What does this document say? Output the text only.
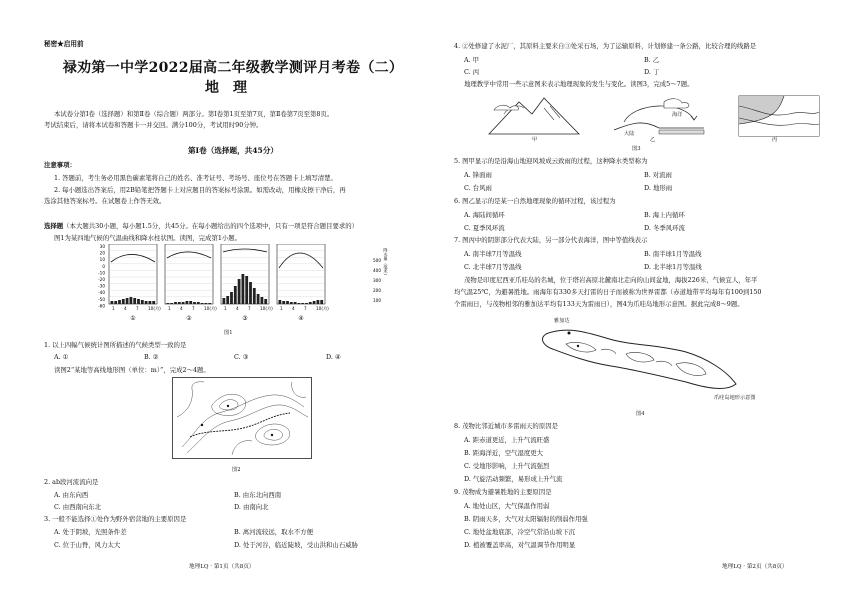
秘密★启用前
禄劝第一中学2022届高二年级教学测评月考卷（二）
地理
本试卷分第Ⅰ卷（选择题）和第Ⅱ卷（综合题）两部分。第Ⅰ卷第1页至第7页，第Ⅱ卷第7页至第8页。
考试结束后，请将本试卷和答题卡一并交回。满分100分，考试用时90分钟。
第Ⅰ卷（选择题，共45分）
注意事项：
1. 答题前，考生务必用黑色碳素笔将自己的姓名、准考证号、考场号、座位号在答题卡上填写清楚。
2. 每小题选出答案后，用2B铅笔把答题卡上对应题目的答案标号涂黑。如需改动，用橡皮擦干净后，再
选涂其他答案标号。在试题卷上作答无效。
选择题（本大题共30小题，每小题1.5分，共45分。在每小题给出的四个选项中，只有一项是符合题目要求的）
图1为某四地气候的气温曲线和降水柱状图。读图，完成第1小题。
30
20
10
0
-10
-20
-30
-40
-50
-60
500
400
300
200
100
降水量（毫米）
1 4 7 10(月)
①
1 4 7 10(月)
②
1 4 7 10(月)
③
1 4 7 10(月)
④
图1
1. 以上四幅气候统计图所描述的气候类型一致的是
A. ①	B. ②	C. ③	D. ④
读图2“某地等高线地形图（单位：m）”，完成2～4题。
图2
2. ab段河流流向是
A. 由东向西	B. 由东北向西南
C. 由西南向东北	D. 由南向北
3. 一般不能选择①处作为野外宿营地的主要原因是
A. 处于阴坡，光照条件差	B. 离河流较远，取水不方便
C. 位于山脊，风力太大	D. 处于河谷，临近陡坡，受山洪和山石威胁
地理LQ · 第1页（共8页）
4. ②处修建了水泥厂，其原料主要来自③处采石场，为了运输原料，计划修建一条公路，比较合理的线路是
A. 甲	B. 乙
C. 丙	D. 丁
地理教学中常用一些示意图来表示地理现象的发生与变化。读图3，完成5～7题。
甲
大陆
海洋
乙	丙
图3
5. 图甲显示的是沿海山地迎风坡成云致雨的过程，这种降水类型称为
A. 锋面雨	B. 对流雨
C. 台风雨	D. 地形雨
6. 图乙显示的是某一自然地理现象的循环过程，该过程为
A. 海陆间循环	B. 海上内循环
C. 夏季风环流	D. 冬季风环流
7. 图丙中的阴影部分代表大陆，另一部分代表海洋，图中等值线表示
A. 南半球7月等温线	B. 南半球1月等温线
C. 北半球7月等温线	D. 北半球1月等温线
茂物是印度尼西亚爪哇岛的名城，位于塔岩高原北麓南北走向的山间盆地，海拔226米，气候宜人，年平
均气温25℃，为避暑胜地。雨海年有330多天打雷的日子而被称为世界雷都（赤道地带平均每年有100到150
个雷雨日，与茂物相邻的雅加达平均有133天为雷雨日），图4为爪哇岛地形示意图。据此完成8～9题。
雅加达
爪哇岛地形示意图
图4
8. 茂物比邻近城市多雷雨天的原因是
A. 距赤道更近，上升气流旺盛
B. 距海洋近，空气湿度更大
C. 受地形影响，上升气流强烈
D. 气旋活动频繁，易形成上升气流
9. 茂物成为避暑胜地的主要原因是
A. 地处山区，大气保温作用弱
B. 阴雨天多，大气对太阳辐射的削弱作用强
C. 地处盆地底部，冷空气常沿山坡下沉
D. 植被覆盖率高，对气温调节作用明显
地理LQ · 第2页（共8页）
